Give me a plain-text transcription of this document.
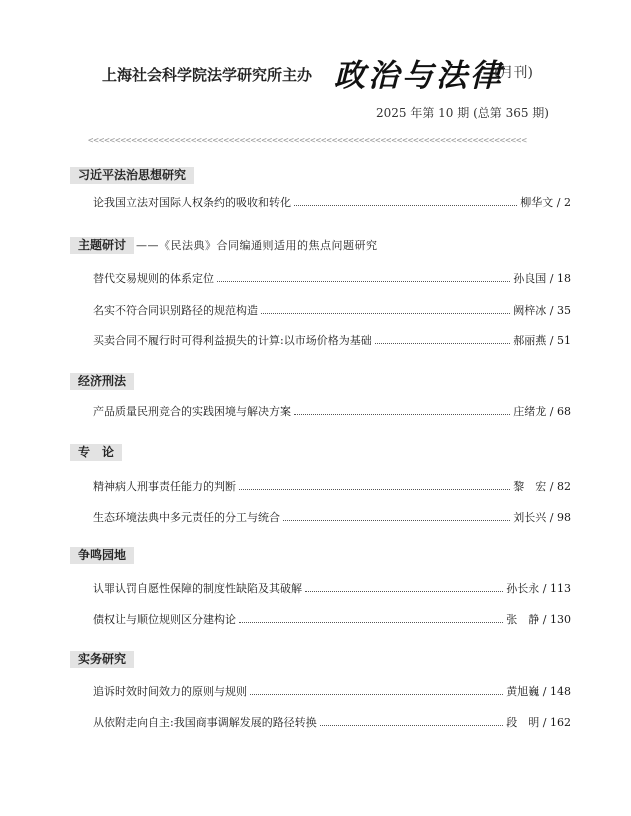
上海社会科学院法学研究所主办 政治与法律
(月刊)
2025 年第 10 期 (总第 365 期)
<<<<<<<<<<<<<<<<<<<<<<<<<<<<<<<<<<<<<<<<<<<<<<<<<<<<<<<<<<<<<<<<<<<<<<<<<<<<<<<<<
习近平法治思想研究
论我国立法对国际人权条约的吸收和转化	柳华文 / 2
主题研讨 ——《民法典》合同编通则适用的焦点问题研究
替代交易规则的体系定位	孙良国 / 18
名实不符合同识别路径的规范构造	阙梓冰 / 35
买卖合同不履行时可得利益损失的计算:以市场价格为基础	郝丽燕 / 51
经济刑法
产品质量民刑竞合的实践困境与解决方案	庄绪龙 / 68
专　论
精神病人刑事责任能力的判断	黎　宏 / 82
生态环境法典中多元责任的分工与统合	刘长兴 / 98
争鸣园地
认罪认罚自愿性保障的制度性缺陷及其破解	孙长永 / 113
债权让与顺位规则区分建构论	张　静 / 130
实务研究
追诉时效时间效力的原则与规则	黄旭巍 / 148
从依附走向自主:我国商事调解发展的路径转换	段　明 / 162
